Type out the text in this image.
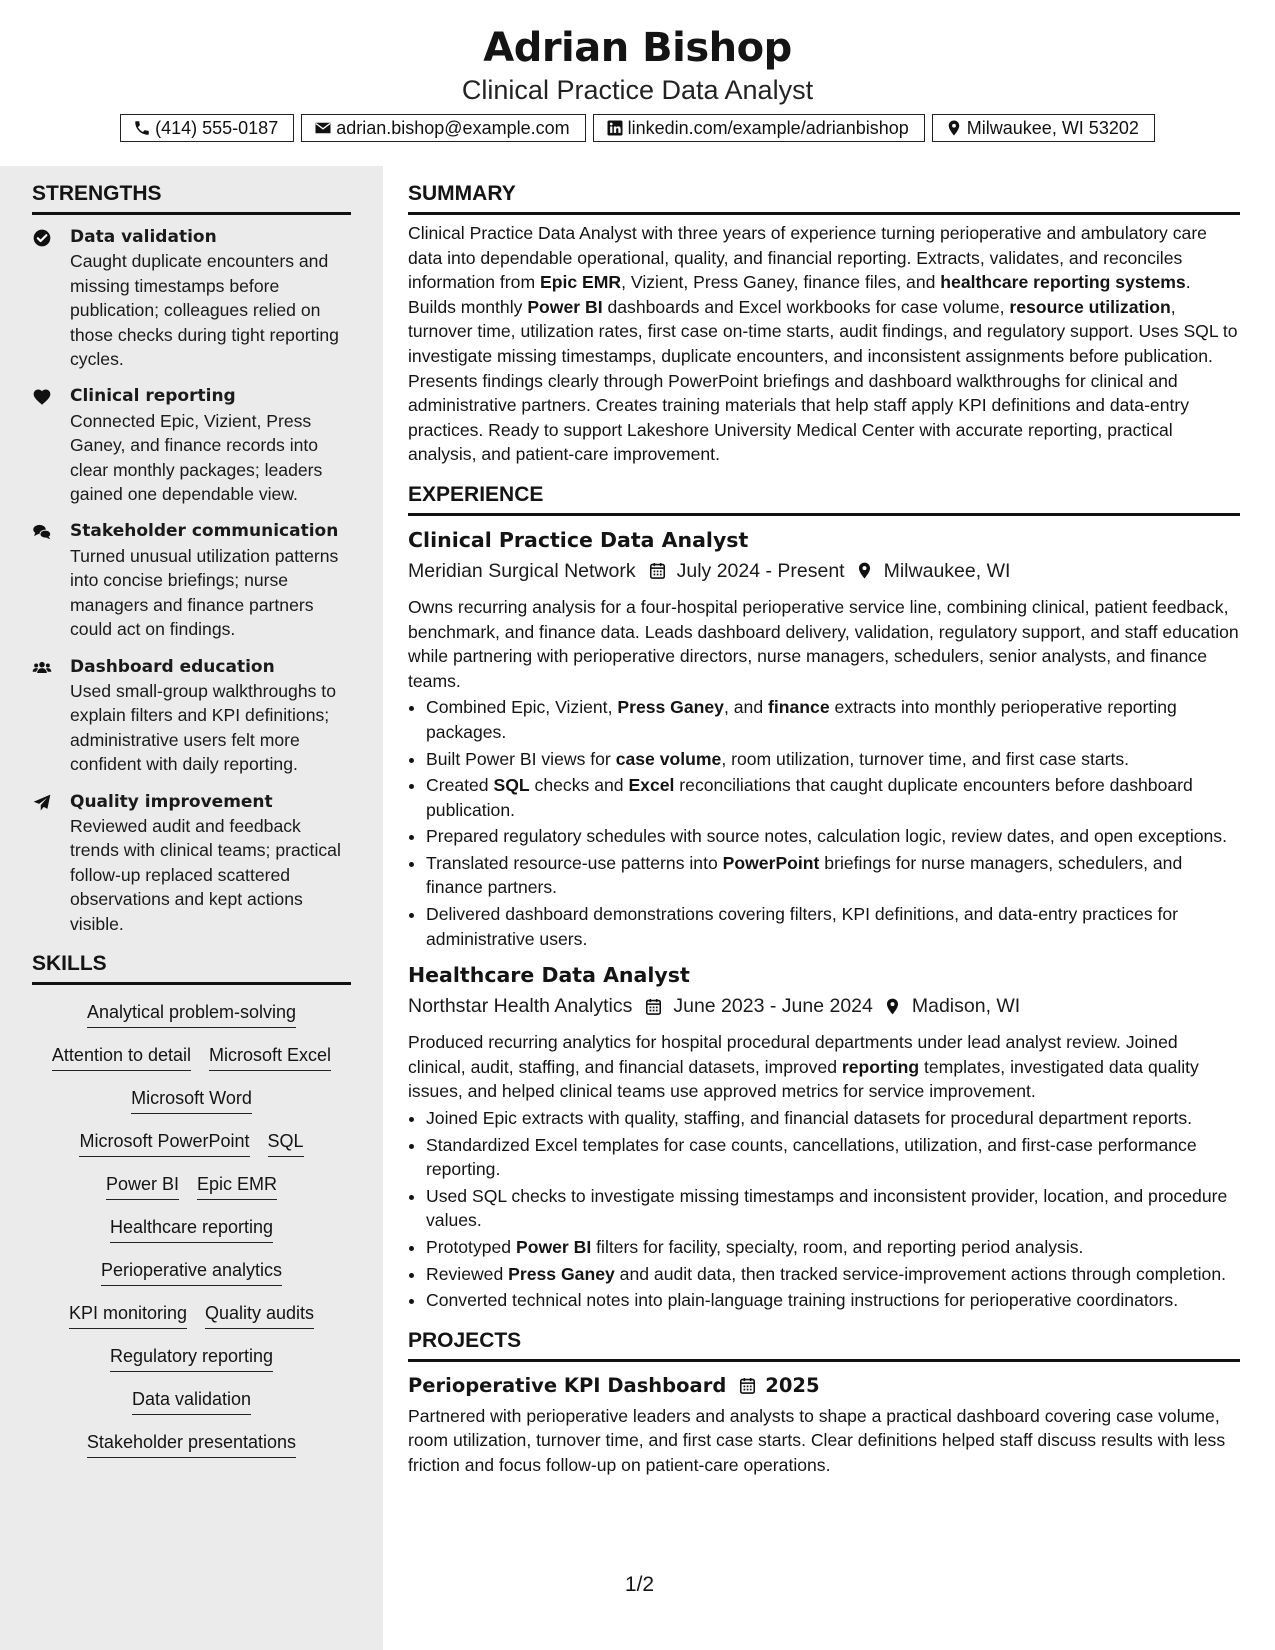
Adrian Bishop
Clinical Practice Data Analyst
(414) 555-0187	adrian.bishop@example.com	linkedin.com/example/adrianbishop	Milwaukee, WI 53202
STRENGTHS
Data validation
Caught duplicate encounters and missing timestamps before publication; colleagues relied on those checks during tight reporting cycles.
Clinical reporting
Connected Epic, Vizient, Press Ganey, and finance records into clear monthly packages; leaders gained one dependable view.
Stakeholder communication
Turned unusual utilization patterns into concise briefings; nurse managers and finance partners could act on findings.
Dashboard education
Used small-group walkthroughs to explain filters and KPI definitions; administrative users felt more confident with daily reporting.
Quality improvement
Reviewed audit and feedback trends with clinical teams; practical follow-up replaced scattered observations and kept actions visible.
SKILLS
Analytical problem-solving
Attention to detail Microsoft Excel
Microsoft Word
Microsoft PowerPoint SQL
Power BI Epic EMR
Healthcare reporting
Perioperative analytics
KPI monitoring Quality audits
Regulatory reporting
Data validation
Stakeholder presentations
SUMMARY
Clinical Practice Data Analyst with three years of experience turning perioperative and ambulatory care data into dependable operational, quality, and financial reporting. Extracts, validates, and reconciles information from Epic EMR, Vizient, Press Ganey, finance files, and healthcare reporting systems. Builds monthly Power BI dashboards and Excel workbooks for case volume, resource utilization, turnover time, utilization rates, first case on-time starts, audit findings, and regulatory support. Uses SQL to investigate missing timestamps, duplicate encounters, and inconsistent assignments before publication. Presents findings clearly through PowerPoint briefings and dashboard walkthroughs for clinical and administrative partners. Creates training materials that help staff apply KPI definitions and data-entry practices. Ready to support Lakeshore University Medical Center with accurate reporting, practical analysis, and patient-care improvement.
EXPERIENCE
Clinical Practice Data Analyst
Meridian Surgical Network July 2024 - Present Milwaukee, WI
Owns recurring analysis for a four-hospital perioperative service line, combining clinical, patient feedback, benchmark, and finance data. Leads dashboard delivery, validation, regulatory support, and staff education while partnering with perioperative directors, nurse managers, schedulers, senior analysts, and finance teams.
• Combined Epic, Vizient, Press Ganey, and finance extracts into monthly perioperative reporting packages.
• Built Power BI views for case volume, room utilization, turnover time, and first case starts.
• Created SQL checks and Excel reconciliations that caught duplicate encounters before dashboard publication.
• Prepared regulatory schedules with source notes, calculation logic, review dates, and open exceptions.
• Translated resource-use patterns into PowerPoint briefings for nurse managers, schedulers, and finance partners.
• Delivered dashboard demonstrations covering filters, KPI definitions, and data-entry practices for administrative users.
Healthcare Data Analyst
Northstar Health Analytics June 2023 - June 2024 Madison, WI
Produced recurring analytics for hospital procedural departments under lead analyst review. Joined clinical, audit, staffing, and financial datasets, improved reporting templates, investigated data quality issues, and helped clinical teams use approved metrics for service improvement.
• Joined Epic extracts with quality, staffing, and financial datasets for procedural department reports.
• Standardized Excel templates for case counts, cancellations, utilization, and first-case performance reporting.
• Used SQL checks to investigate missing timestamps and inconsistent provider, location, and procedure values.
• Prototyped Power BI filters for facility, specialty, room, and reporting period analysis.
• Reviewed Press Ganey and audit data, then tracked service-improvement actions through completion.
• Converted technical notes into plain-language training instructions for perioperative coordinators.
PROJECTS
Perioperative KPI Dashboard 2025
Partnered with perioperative leaders and analysts to shape a practical dashboard covering case volume, room utilization, turnover time, and first case starts. Clear definitions helped staff discuss results with less friction and focus follow-up on patient-care operations.
1/2
